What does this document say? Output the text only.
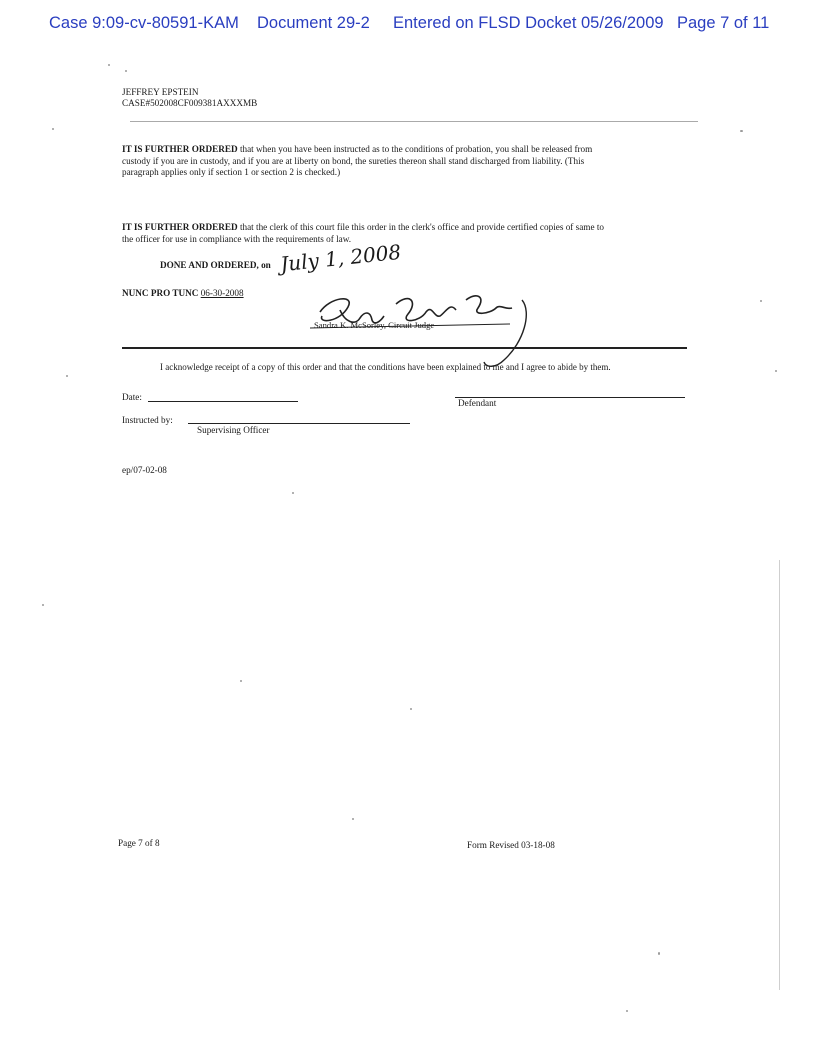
Case 9:09-cv-80591-KAM Document 29-2 Entered on FLSD Docket 05/26/2009 Page 7 of 11
JEFFREY EPSTEIN
CASE#502008CF009381AXXXMB
IT IS FURTHER ORDERED that when you have been instructed as to the conditions of probation, you shall be released from
custody if you are in custody, and if you are at liberty on bond, the sureties thereon shall stand discharged from liability. (This
paragraph applies only if section 1 or section 2 is checked.)
IT IS FURTHER ORDERED that the clerk of this court file this order in the clerk's office and provide certified copies of same to
the officer for use in compliance with the requirements of law.
DONE AND ORDERED, on July 1, 2008
NUNC PRO TUNC 06-30-2008
Sandra K. McSorley, Circuit Judge
I acknowledge receipt of a copy of this order and that the conditions have been explained to me and I agree to abide by them.
Date:
Defendant
Instructed by:
Supervising Officer
ep/07-02-08
Page 7 of 8	Form Revised 03-18-08
